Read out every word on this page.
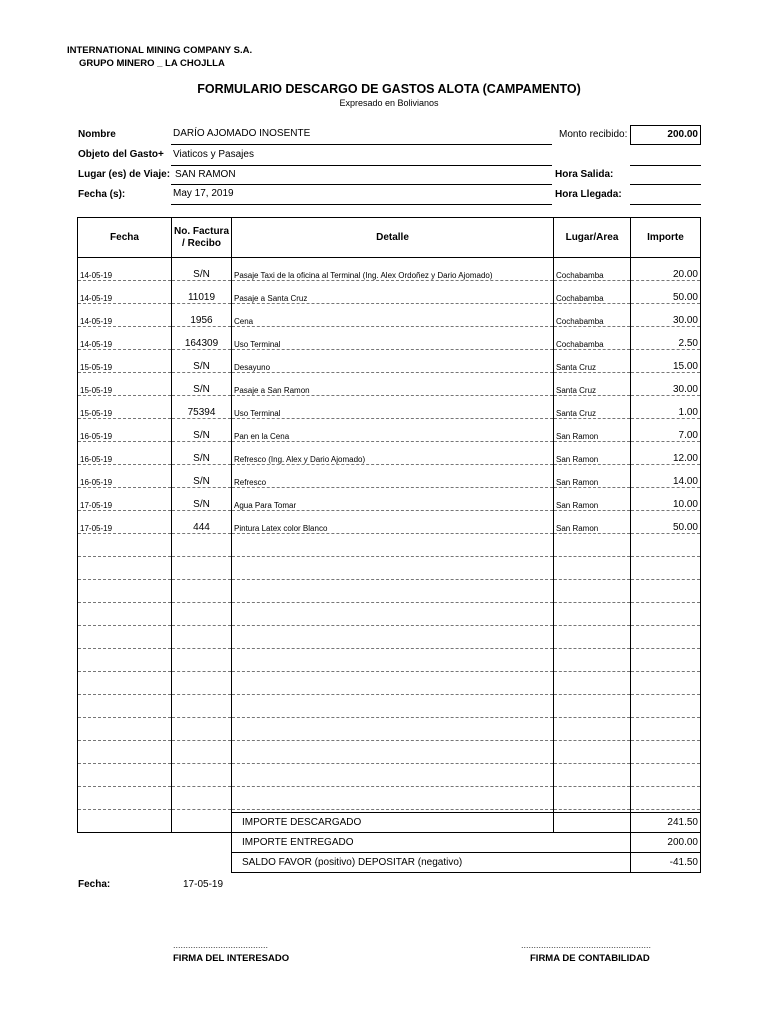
INTERNATIONAL MINING COMPANY S.A.
GRUPO MINERO _ LA CHOJLLA
FORMULARIO DESCARGO DE GASTOS ALOTA (CAMPAMENTO)
Expresado en Bolivianos
Nombre	DARÍO AJOMADO INOSENTE
Objeto del Gasto+ Viaticos y Pasajes
Lugar (es) de Viaje: SAN RAMON
Fecha (s):	May 17, 2019
Monto recibido:	200.00
Hora Salida:
Hora Llegada:
Fecha	No. Factura / Recibo	Detalle	Lugar/Area	Importe
14-05-19	S/N	Pasaje Taxi de la oficina al Terminal (Ing. Alex Ordoñez y Dario Ajomado)	Cochabamba	20.00
14-05-19	11019	Pasaje a Santa Cruz	Cochabamba	50.00
14-05-19	1956	Cena	Cochabamba	30.00
14-05-19	164309	Uso Terminal	Cochabamba	2.50
15-05-19	S/N	Desayuno	Santa Cruz	15.00
15-05-19	S/N	Pasaje a San Ramon	Santa Cruz	30.00
15-05-19	75394	Uso Terminal	Santa Cruz	1.00
16-05-19	S/N	Pan en la Cena	San Ramon	7.00
16-05-19	S/N	Refresco (Ing. Alex y Dario Ajomado)	San Ramon	12.00
16-05-19	S/N	Refresco	San Ramon	14.00
17-05-19	S/N	Agua Para Tomar	San Ramon	10.00
17-05-19	444	Pintura Latex color Blanco	San Ramon	50.00

IMPORTE DESCARGADO	241.50
IMPORTE ENTREGADO	200.00
SALDO FAVOR (positivo) DEPOSITAR (negativo)	-41.50
Fecha:	17-05-19
......................................	....................................................
FIRMA DEL INTERESADO	FIRMA DE CONTABILIDAD
